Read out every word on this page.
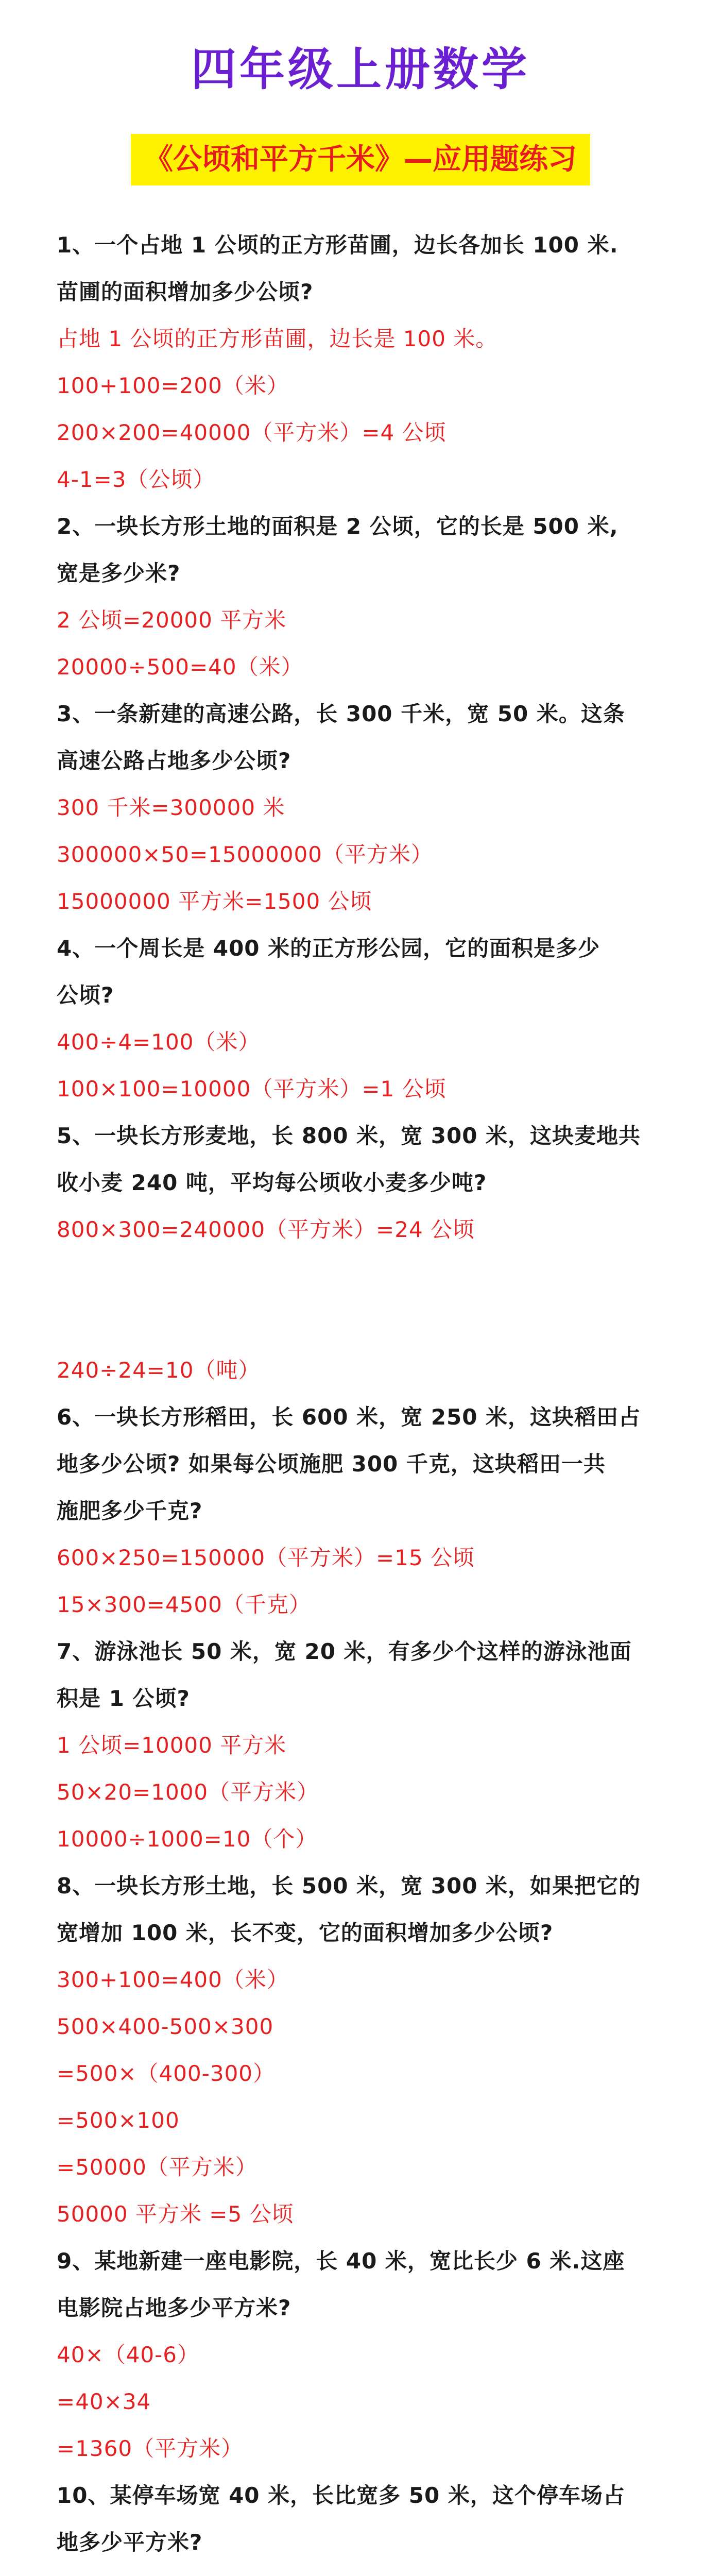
四年级上册数学
《公顷和平方千米》—应用题练习
1、一个占地 1 公顷的正方形苗圃，边长各加长 100 米.
苗圃的面积增加多少公顷?
占地 1 公顷的正方形苗圃，边长是 100 米。
100+100=200（米）
200×200=40000（平方米）=4 公顷
4-1=3（公顷）
2、一块长方形土地的面积是 2 公顷，它的长是 500 米,
宽是多少米?
2 公顷=20000 平方米
20000÷500=40（米）
3、一条新建的高速公路，长 300 千米，宽 50 米。这条
高速公路占地多少公顷?
300 千米=300000 米
300000×50=15000000（平方米）
15000000 平方米=1500 公顷
4、一个周长是 400 米的正方形公园，它的面积是多少
公顷?
400÷4=100（米）
100×100=10000（平方米）=1 公顷
5、一块长方形麦地，长 800 米，宽 300 米，这块麦地共
收小麦 240 吨，平均每公顷收小麦多少吨?
800×300=240000（平方米）=24 公顷
240÷24=10（吨）
6、一块长方形稻田，长 600 米，宽 250 米，这块稻田占
地多少公顷? 如果每公顷施肥 300 千克，这块稻田一共
施肥多少千克?
600×250=150000（平方米）=15 公顷
15×300=4500（千克）
7、游泳池长 50 米，宽 20 米，有多少个这样的游泳池面
积是 1 公顷?
1 公顷=10000 平方米
50×20=1000（平方米）
10000÷1000=10（个）
8、一块长方形土地，长 500 米，宽 300 米，如果把它的
宽增加 100 米，长不变，它的面积增加多少公顷?
300+100=400（米）
500×400-500×300
=500×（400-300）
=500×100
=50000（平方米）
50000 平方米 =5 公顷
9、某地新建一座电影院，长 40 米，宽比长少 6 米.这座
电影院占地多少平方米?
40×（40-6）
=40×34
=1360（平方米）
10、某停车场宽 40 米，长比宽多 50 米，这个停车场占
地多少平方米?
